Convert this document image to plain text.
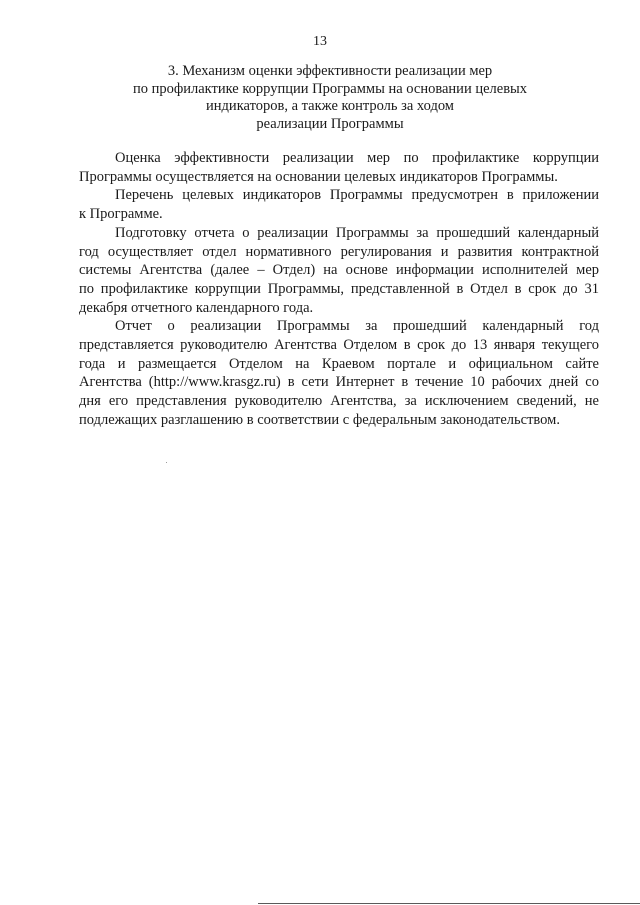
13
3. Механизм оценки эффективности реализации мер
по профилактике коррупции Программы на основании целевых
индикаторов, а также контроль за ходом
реализации Программы
Оценка эффективности реализации мер по профилактике коррупции
Программы осуществляется на основании целевых индикаторов Программы.
Перечень целевых индикаторов Программы предусмотрен в приложении
к Программе.
Подготовку отчета о реализации Программы за прошедший календарный
год осуществляет отдел нормативного регулирования и развития контрактной
системы Агентства (далее – Отдел) на основе информации исполнителей мер
по профилактике коррупции Программы, представленной в Отдел в срок до 31
декабря отчетного календарного года.
Отчет о реализации Программы за прошедший календарный год
представляется руководителю Агентства Отделом в срок до 13 января текущего
года и размещается Отделом на Краевом портале и официальном сайте
Агентства (http://www.krasgz.ru) в сети Интернет в течение 10 рабочих дней со
дня его представления руководителю Агентства, за исключением сведений, не
подлежащих разглашению в соответствии с федеральным законодательством.
